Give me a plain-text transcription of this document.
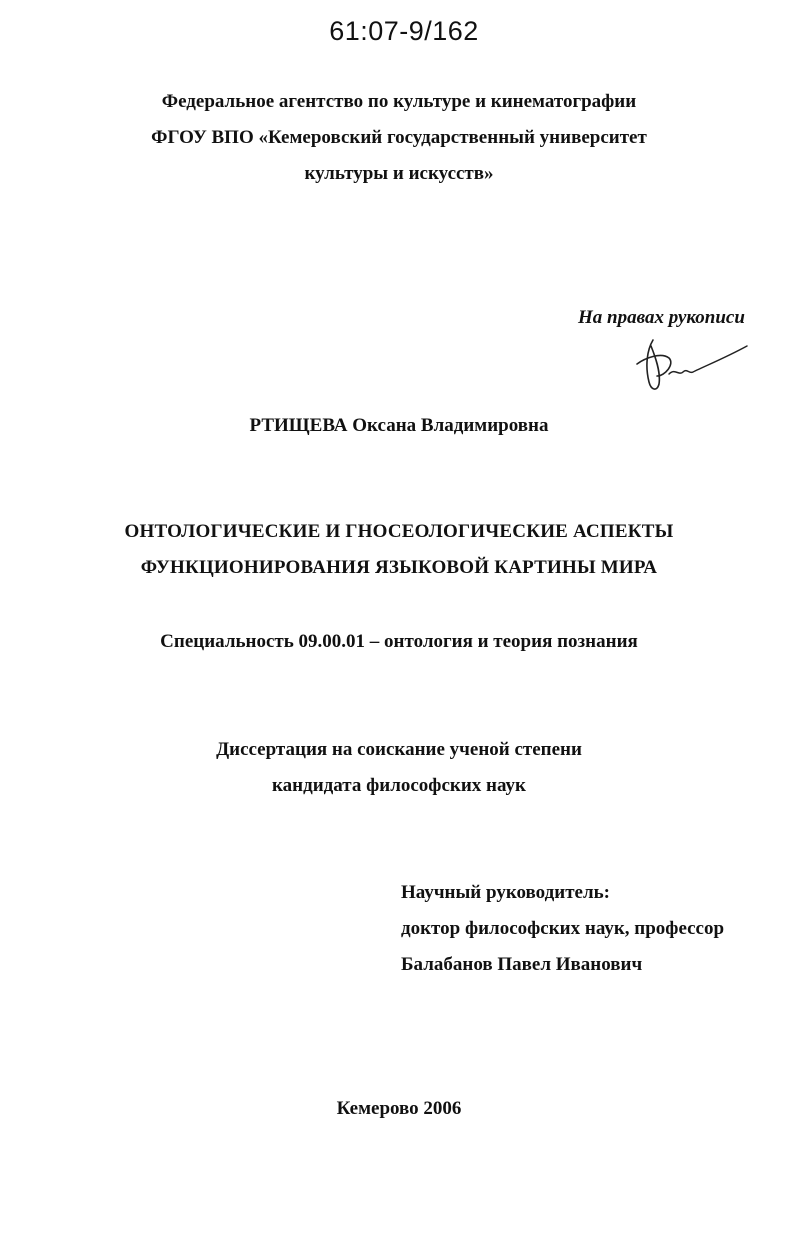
61:07-9/162
Федеральное агентство по культуре и кинематографии
ФГОУ ВПО «Кемеровский государственный университет
культуры и искусств»
На правах рукописи
РТИЩЕВА Оксана Владимировна
ОНТОЛОГИЧЕСКИЕ И ГНОСЕОЛОГИЧЕСКИЕ АСПЕКТЫ
ФУНКЦИОНИРОВАНИЯ ЯЗЫКОВОЙ КАРТИНЫ МИРА
Специальность 09.00.01 – онтология и теория познания
Диссертация на соискание ученой степени
кандидата философских наук
Научный руководитель:
доктор философских наук, профессор
Балабанов Павел Иванович
Кемерово 2006
